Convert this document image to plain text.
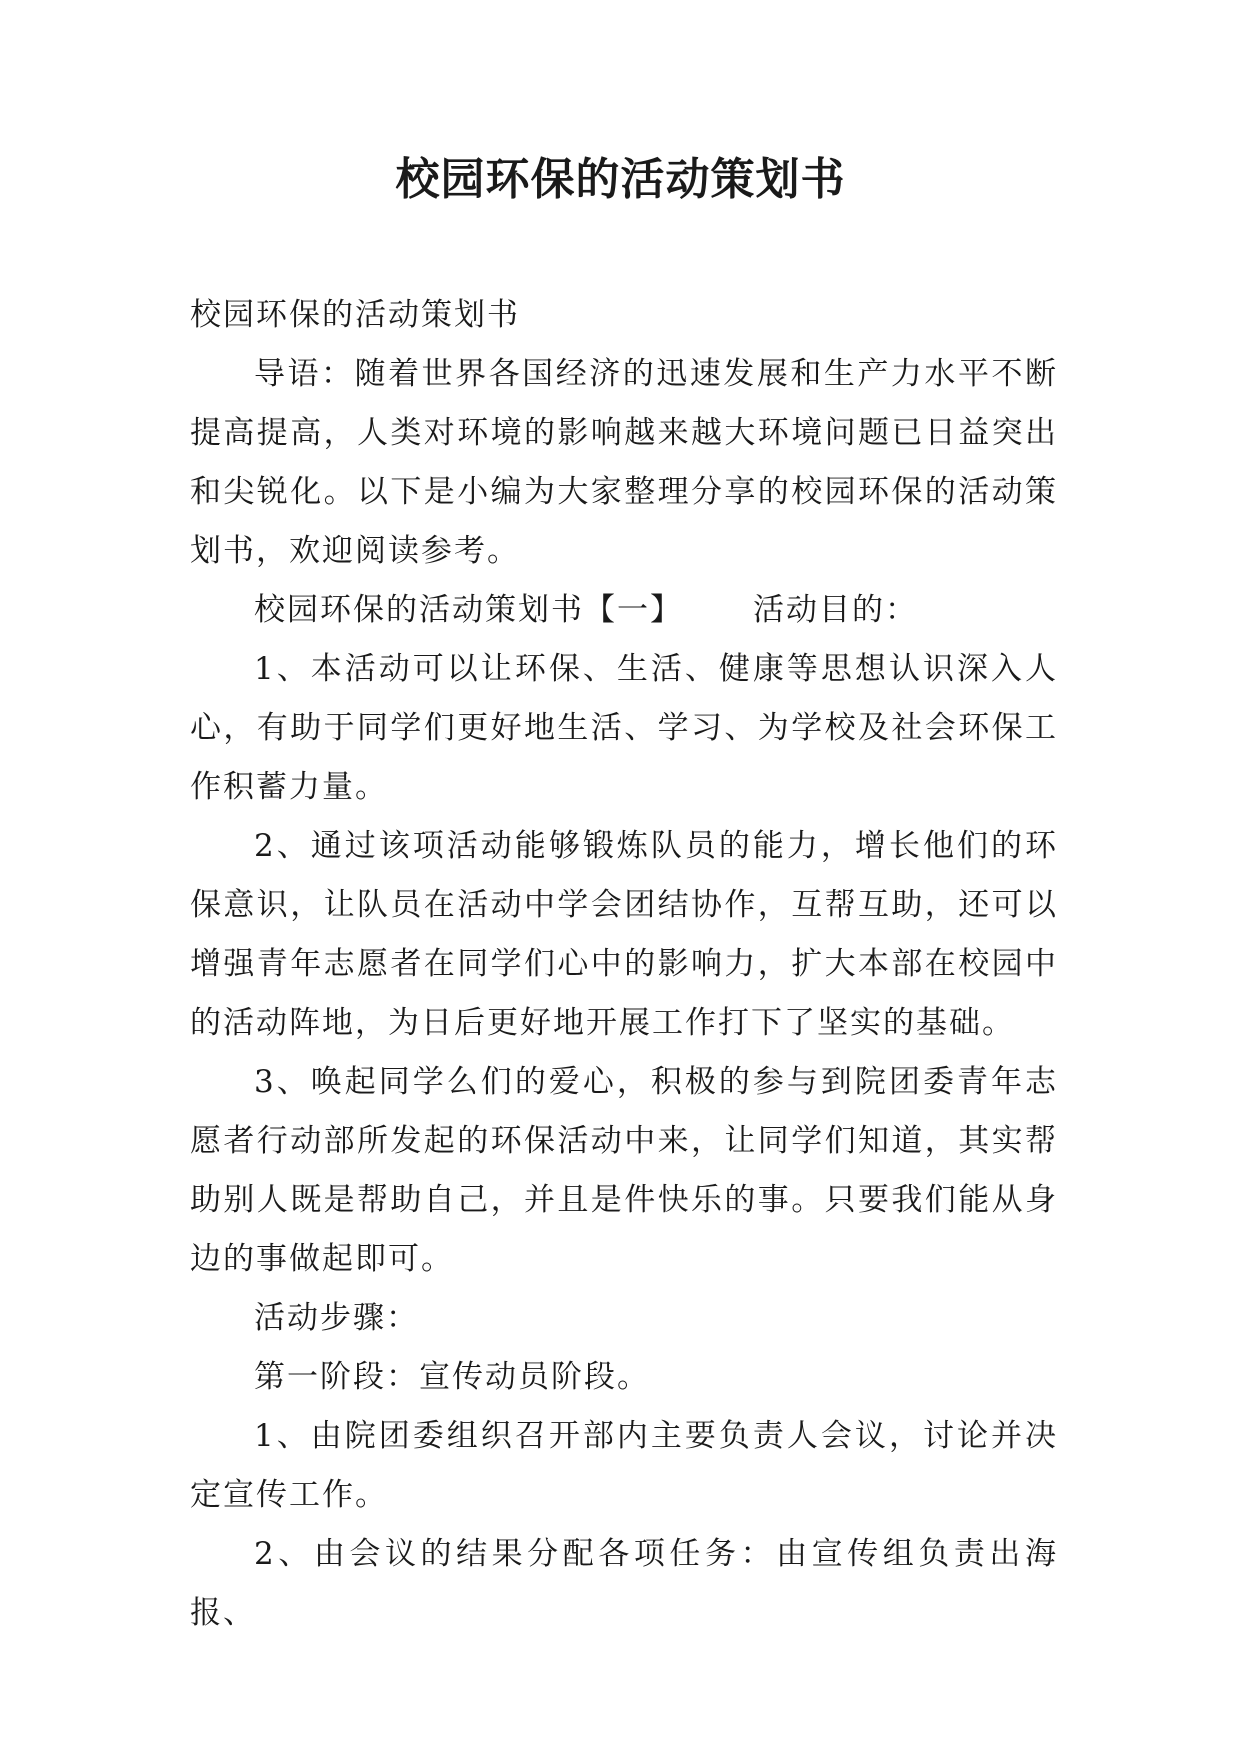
校园环保的活动策划书

校园环保的活动策划书

导语：随着世界各国经济的迅速发展和生产力水平不断提高提高，人类对环境的影响越来越大环境问题已日益突出和尖锐化。以下是小编为大家整理分享的校园环保的活动策划书，欢迎阅读参考。

校园环保的活动策划书【一】 活动目的：

1、本活动可以让环保、生活、健康等思想认识深入人心，有助于同学们更好地生活、学习、为学校及社会环保工作积蓄力量。

2、通过该项活动能够锻炼队员的能力，增长他们的环保意识，让队员在活动中学会团结协作，互帮互助，还可以增强青年志愿者在同学们心中的影响力，扩大本部在校园中的活动阵地，为日后更好地开展工作打下了坚实的基础。

3、唤起同学么们的爱心，积极的参与到院团委青年志愿者行动部所发起的环保活动中来，让同学们知道，其实帮助别人既是帮助自己，并且是件快乐的事。只要我们能从身边的事做起即可。

活动步骤：

第一阶段：宣传动员阶段。

1、由院团委组织召开部内主要负责人会议，讨论并决定宣传工作。

2、由会议的结果分配各项任务：由宣传组负责出海报、
